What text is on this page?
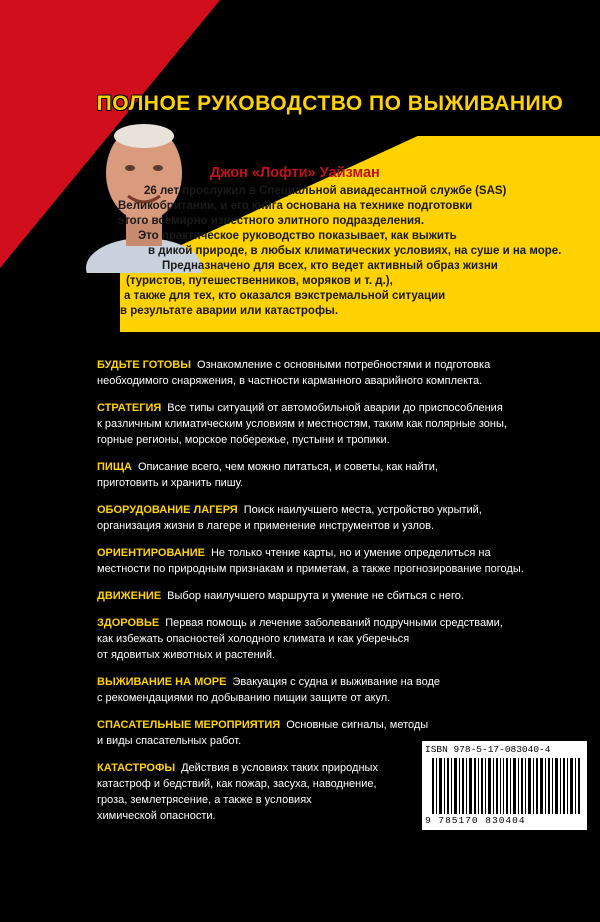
ПОЛНОЕ РУКОВОДСТВО ПО ВЫЖИВАНИЮ
Джон «Лофти» Уайзман
26 лет прослужил в Специальной авиадесантной службе (SAS)
Великобритании, и его книга основана на технике подготовки
этого всемирно известного элитного подразделения.
Это практическое руководство показывает, как выжить
в дикой природе, в любых климатических условиях, на суше и на море.
Предназначено для всех, кто ведет активный образ жизни
(туристов, путешественников, моряков и т. д.),
а также для тех, кто оказался вэкстремальной ситуации
в результате аварии или катастрофы.
БУДЬТЕ ГОТОВЫ Ознакомление с основными потребностями и подготовка
необходимого снаряжения, в частности карманного аварийного комплекта.
СТРАТЕГИЯ Все типы ситуаций от автомобильной аварии до приспособления
к различным климатическим условиям и местностям, таким как полярные зоны,
горные регионы, морское побережье, пустыни и тропики.
ПИЩА Описание всего, чем можно питаться, и советы, как найти,
приготовить и хранить пишу.
ОБОРУДОВАНИЕ ЛАГЕРЯ Поиск наилучшего места, устройство укрытий,
организация жизни в лагере и применение инструментов и узлов.
ОРИЕНТИРОВАНИЕ Не только чтение карты, но и умение определиться на
местности по природным признакам и приметам, а также прогнозирование погоды.
ДВИЖЕНИЕ Выбор наилучшего маршрута и умение не сбиться с него.
ЗДОРОВЬЕ Первая помощь и лечение заболеваний подручными средствами,
как избежать опасностей холодного климата и как уберечься
от ядовитых животных и растений.
ВЫЖИВАНИЕ НА МОРЕ Эвакуация с судна и выживание на воде
с рекомендациями по добыванию пищии защите от акул.
СПАСАТЕЛЬНЫЕ МЕРОПРИЯТИЯ Основные сигналы, методы
и виды спасательных работ.
КАТАСТРОФЫ Действия в условиях таких природных
катастроф и бедствий, как пожар, засуха, наводнение,
гроза, землетрясение, а также в условиях
химической опасности.
ISBN 978-5-17-083040-4
9 785170 830404
